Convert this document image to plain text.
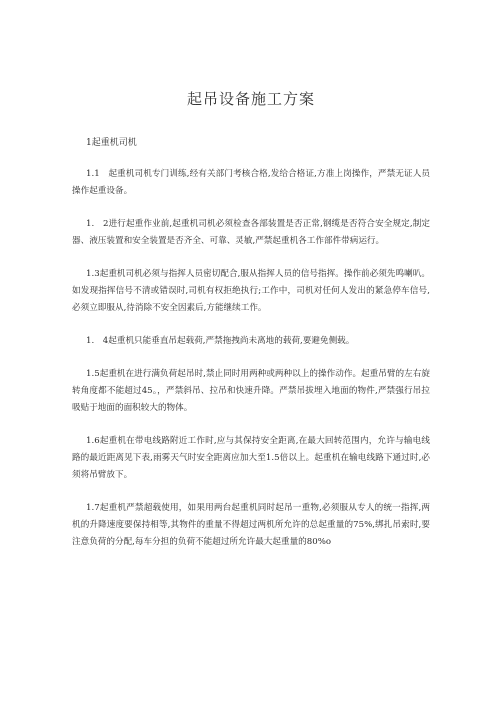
起吊设备施工方案
1起重机司机

1.1　起重机司机专门训练,经有关部门考核合格,发给合格证,方准上岗操作，严禁无证人员操作起重设备。

1.　2进行起重作业前,起重机司机必须检查各部装置是否正常,钢缆是否符合安全规定,制定器、液压装置和安全装置是否齐全、可靠、灵敏,严禁起重机各工作部件带病运行。

1.3起重机司机必须与指挥人员密切配合,服从指挥人员的信号指挥。操作前必须先鸣喇叭。如发现指挥信号不清或错误时,司机有权拒绝执行;工作中，司机对任何人发出的紧急停车信号,必须立即服从,待消除不安全因素后,方能继续工作。

1.　4起重机只能垂直吊起载荷,严禁拖拽尚未离地的载荷,要避免侧载。

1.5起重机在进行满负荷起吊时,禁止同时用两种或两种以上的操作动作。起重吊臂的左右旋转角度都不能超过45。，严禁斜吊、拉吊和快速升降。严禁吊拔埋入地面的物件,严禁强行吊拉吸贴于地面的面积较大的物体。

1.6起重机在带电线路附近工作时,应与其保持安全距离,在最大回转范围内，允许与输电线路的最近距离见下表,雨雾天气时安全距离应加大至1.5倍以上。起重机在输电线路下通过时,必须将吊臂放下。

1.7起重机严禁超载使用，如果用两台起重机同时起吊一重物,必须服从专人的统一指挥,两机的升降速度要保持相等,其物件的重量不得超过两机所允许的总起重量的75%,绑扎吊索时,要注意负荷的分配,每车分担的负荷不能超过所允许最大起重量的80%o
